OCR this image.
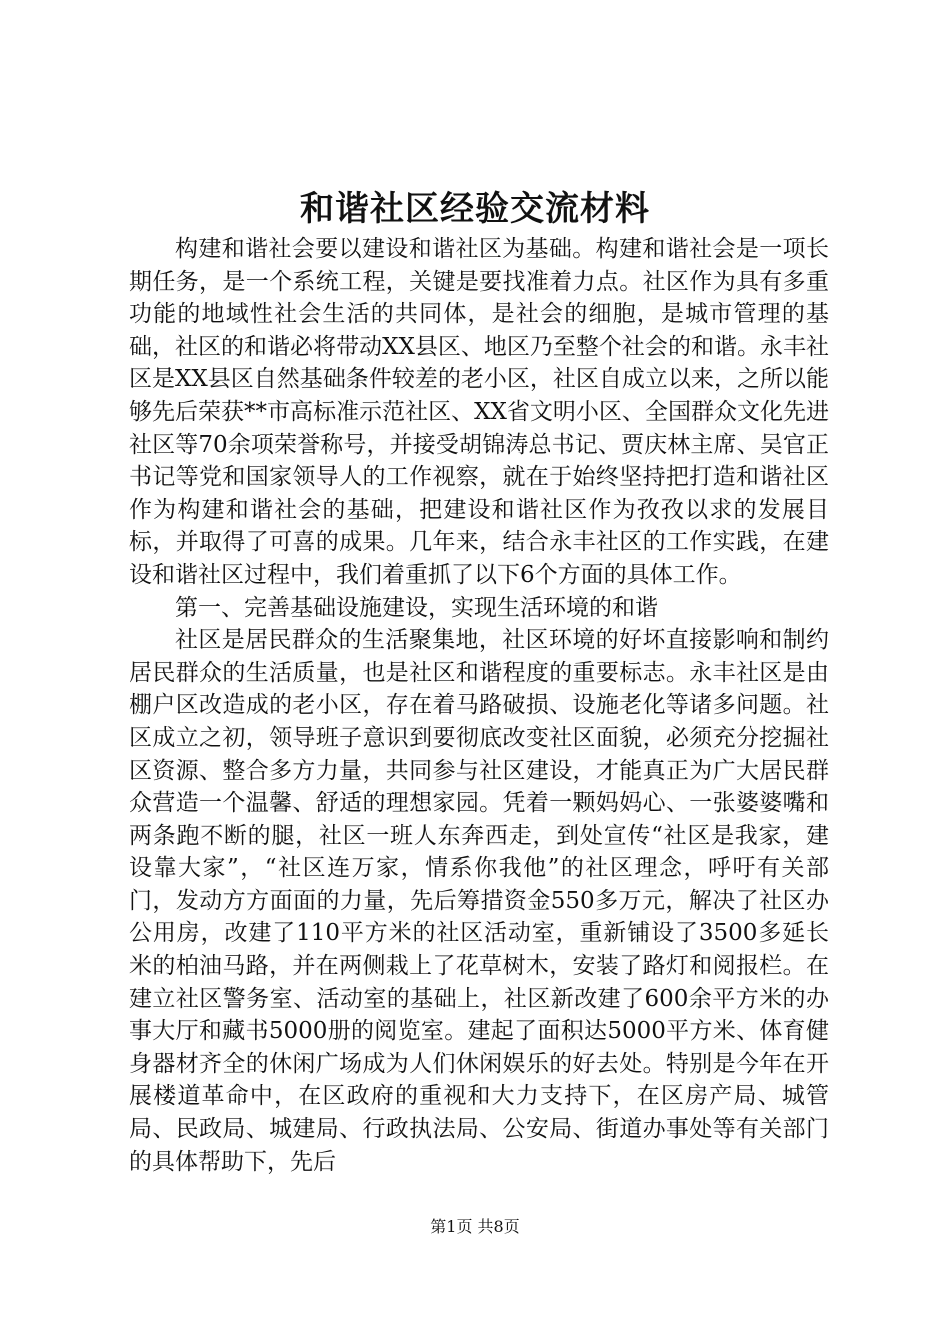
和谐社区经验交流材料

构建和谐社会要以建设和谐社区为基础。构建和谐社会是一项长期任务，是一个系统工程，关键是要找准着力点。社区作为具有多重功能的地域性社会生活的共同体，是社会的细胞，是城市管理的基础，社区的和谐必将带动XX县区、地区乃至整个社会的和谐。永丰社区是XX县区自然基础条件较差的老小区，社区自成立以来，之所以能够先后荣获**市高标准示范社区、XX省文明小区、全国群众文化先进社区等70余项荣誉称号，并接受胡锦涛总书记、贾庆林主席、吴官正书记等党和国家领导人的工作视察，就在于始终坚持把打造和谐社区作为构建和谐社会的基础，把建设和谐社区作为孜孜以求的发展目标，并取得了可喜的成果。几年来，结合永丰社区的工作实践，在建设和谐社区过程中，我们着重抓了以下6个方面的具体工作。

第一、完善基础设施建设，实现生活环境的和谐

社区是居民群众的生活聚集地，社区环境的好坏直接影响和制约居民群众的生活质量，也是社区和谐程度的重要标志。永丰社区是由棚户区改造成的老小区，存在着马路破损、设施老化等诸多问题。社区成立之初，领导班子意识到要彻底改变社区面貌，必须充分挖掘社区资源、整合多方力量，共同参与社区建设，才能真正为广大居民群众营造一个温馨、舒适的理想家园。凭着一颗妈妈心、一张婆婆嘴和两条跑不断的腿，社区一班人东奔西走，到处宣传“社区是我家，建设靠大家”，“社区连万家，情系你我他”的社区理念，呼吁有关部门，发动方方面面的力量，先后筹措资金550多万元，解决了社区办公用房，改建了110平方米的社区活动室，重新铺设了3500多延长米的柏油马路，并在两侧栽上了花草树木，安装了路灯和阅报栏。在建立社区警务室、活动室的基础上，社区新改建了600余平方米的办事大厅和藏书5000册的阅览室。建起了面积达5000平方米、体育健身器材齐全的休闲广场成为人们休闲娱乐的好去处。特别是今年在开展楼道革命中，在区政府的重视和大力支持下，在区房产局、城管局、民政局、城建局、行政执法局、公安局、街道办事处等有关部门的具体帮助下，先后

第1页 共8页
